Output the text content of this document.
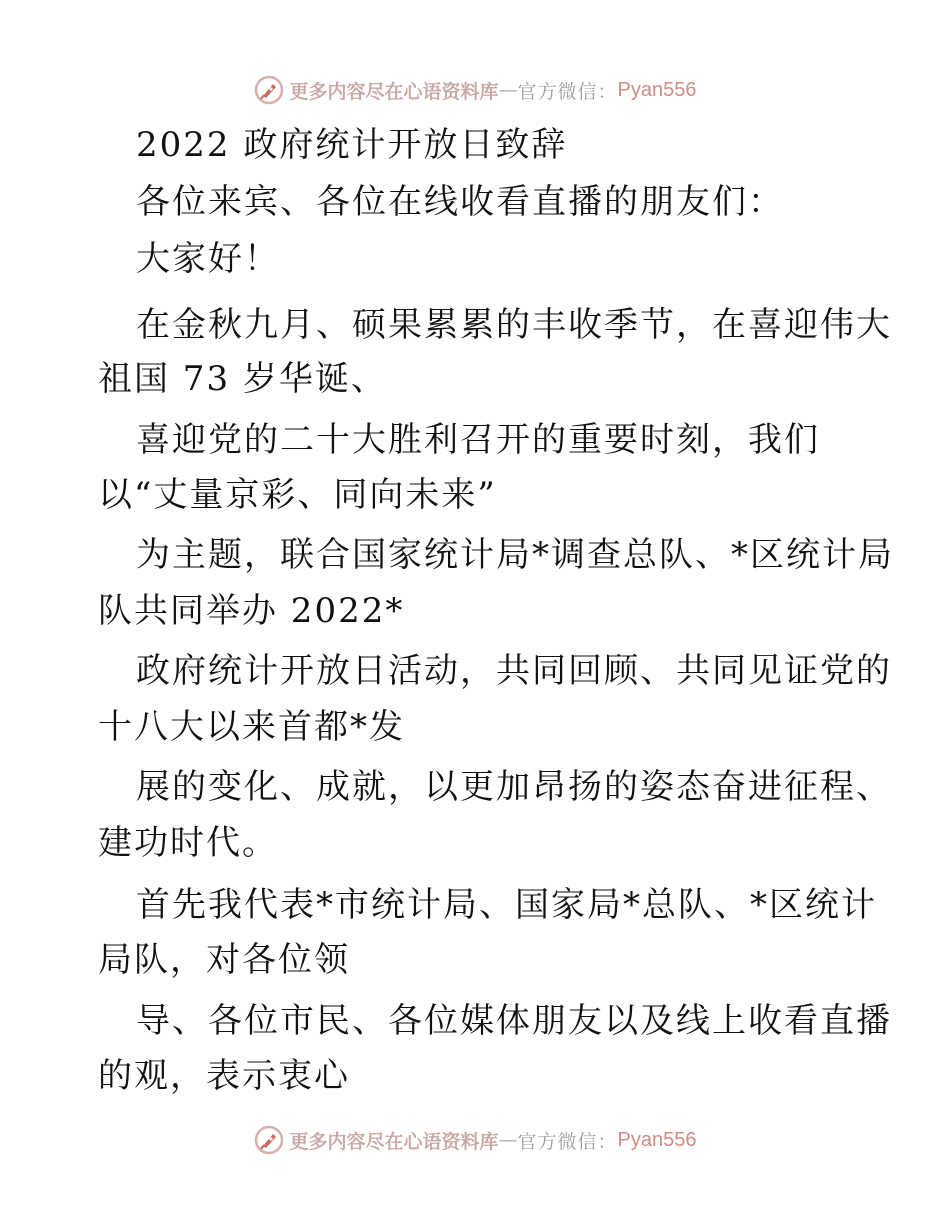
更多内容尽在心语资料库 — 官方微信： Pyan556
2022 政府统计开放日致辞
各位来宾、各位在线收看直播的朋友们：
大家好！
在金秋九月、硕果累累的丰收季节，在喜迎伟大
祖国 73 岁华诞、
喜迎党的二十大胜利召开的重要时刻，我们
以“丈量京彩、同向未来”
为主题，联合国家统计局*调查总队、*区统计局
队共同举办 2022*
政府统计开放日活动，共同回顾、共同见证党的
十八大以来首都*发
展的变化、成就，以更加昂扬的姿态奋进征程、
建功时代。
首先我代表*市统计局、国家局*总队、*区统计
局队，对各位领
导、各位市民、各位媒体朋友以及线上收看直播
的观，表示衷心
更多内容尽在心语资料库 — 官方微信： Pyan556
